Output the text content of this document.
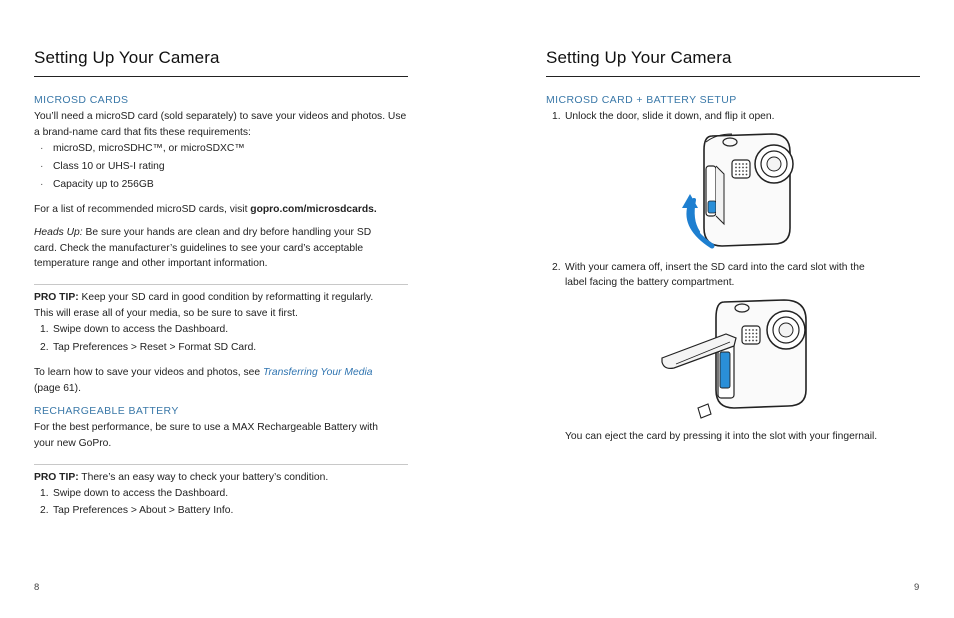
Setting Up Your Camera
MICROSD CARDS
You’ll need a microSD card (sold separately) to save your videos and photos. Use a brand-name card that fits these requirements:
· microSD, microSDHC™, or microSDXC™
· Class 10 or UHS-I rating
· Capacity up to 256GB
For a list of recommended microSD cards, visit gopro.com/microsdcards.
Heads Up: Be sure your hands are clean and dry before handling your SD card. Check the manufacturer’s guidelines to see your card’s acceptable temperature range and other important information.
PRO TIP: Keep your SD card in good condition by reformatting it regularly. This will erase all of your media, so be sure to save it first.
1. Swipe down to access the Dashboard.
2. Tap Preferences > Reset > Format SD Card.
To learn how to save your videos and photos, see Transferring Your Media
(page 61).
RECHARGEABLE BATTERY
For the best performance, be sure to use a MAX Rechargeable Battery with your new GoPro.
PRO TIP: There’s an easy way to check your battery’s condition.
1. Swipe down to access the Dashboard.
2. Tap Preferences > About > Battery Info.
8
Setting Up Your Camera
MICROSD CARD + BATTERY SETUP
1. Unlock the door, slide it down, and flip it open.
2. With your camera off, insert the SD card into the card slot with the
label facing the battery compartment.
You can eject the card by pressing it into the slot with your fingernail.
9
